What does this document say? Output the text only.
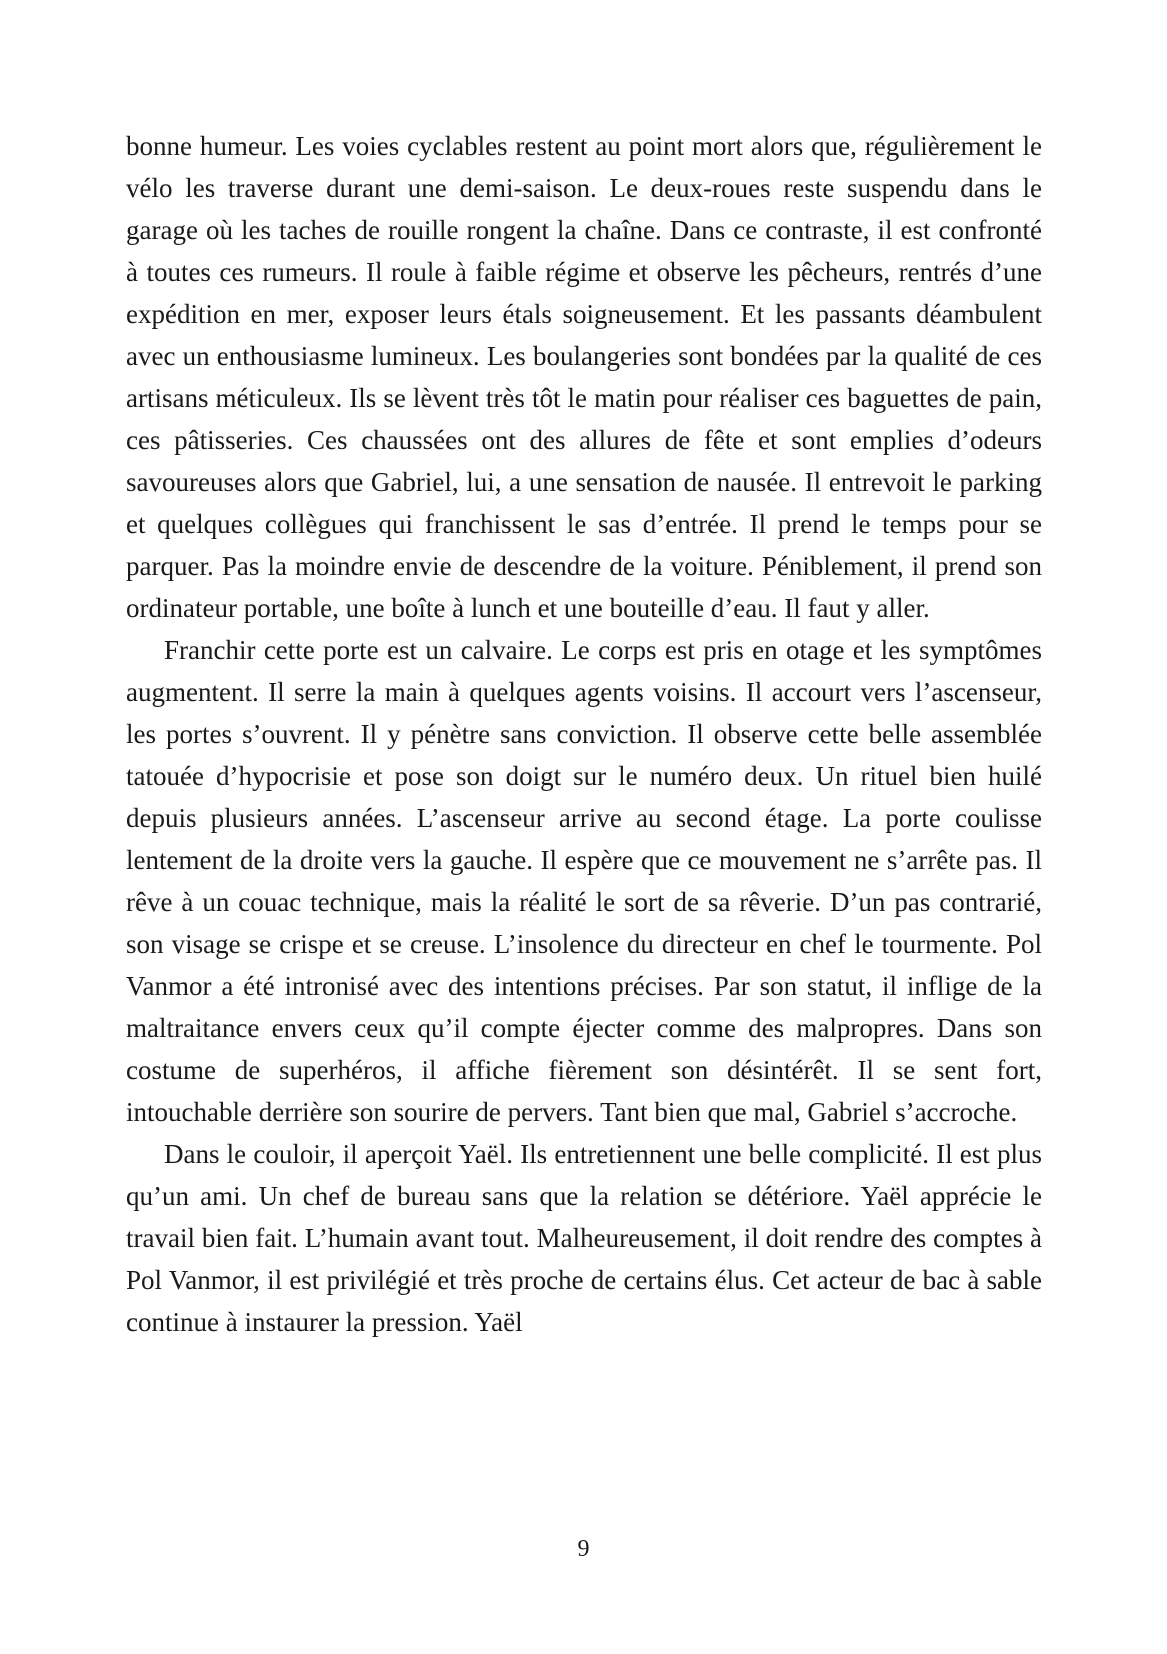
bonne humeur. Les voies cyclables restent au point mort alors que, régulièrement le vélo les traverse durant une demi-saison. Le deux-roues reste suspendu dans le garage où les taches de rouille rongent la chaîne. Dans ce contraste, il est confronté à toutes ces rumeurs. Il roule à faible régime et observe les pêcheurs, rentrés d’une expédition en mer, exposer leurs étals soigneusement. Et les passants déambulent avec un enthousiasme lumineux. Les boulangeries sont bondées par la qualité de ces artisans méticuleux. Ils se lèvent très tôt le matin pour réaliser ces baguettes de pain, ces pâtisseries. Ces chaussées ont des allures de fête et sont emplies d’odeurs savoureuses alors que Gabriel, lui, a une sensation de nausée. Il entrevoit le parking et quelques collègues qui franchissent le sas d’entrée. Il prend le temps pour se parquer. Pas la moindre envie de descendre de la voiture. Péniblement, il prend son ordinateur portable, une boîte à lunch et une bouteille d’eau. Il faut y aller.

Franchir cette porte est un calvaire. Le corps est pris en otage et les symptômes augmentent. Il serre la main à quelques agents voisins. Il accourt vers l’ascenseur, les portes s’ouvrent. Il y pénètre sans conviction. Il observe cette belle assemblée tatouée d’hypocrisie et pose son doigt sur le numéro deux. Un rituel bien huilé depuis plusieurs années. L’ascenseur arrive au second étage. La porte coulisse lentement de la droite vers la gauche. Il espère que ce mouvement ne s’arrête pas. Il rêve à un couac technique, mais la réalité le sort de sa rêverie. D’un pas contrarié, son visage se crispe et se creuse. L’insolence du directeur en chef le tourmente. Pol Vanmor a été intronisé avec des intentions précises. Par son statut, il inflige de la maltraitance envers ceux qu’il compte éjecter comme des malpropres. Dans son costume de superhéros, il affiche fièrement son désintérêt. Il se sent fort, intouchable derrière son sourire de pervers. Tant bien que mal, Gabriel s’accroche.

Dans le couloir, il aperçoit Yaël. Ils entretiennent une belle complicité. Il est plus qu’un ami. Un chef de bureau sans que la relation se détériore. Yaël apprécie le travail bien fait. L’humain avant tout. Malheureusement, il doit rendre des comptes à Pol Vanmor, il est privilégié et très proche de certains élus. Cet acteur de bac à sable continue à instaurer la pression. Yaël

9
